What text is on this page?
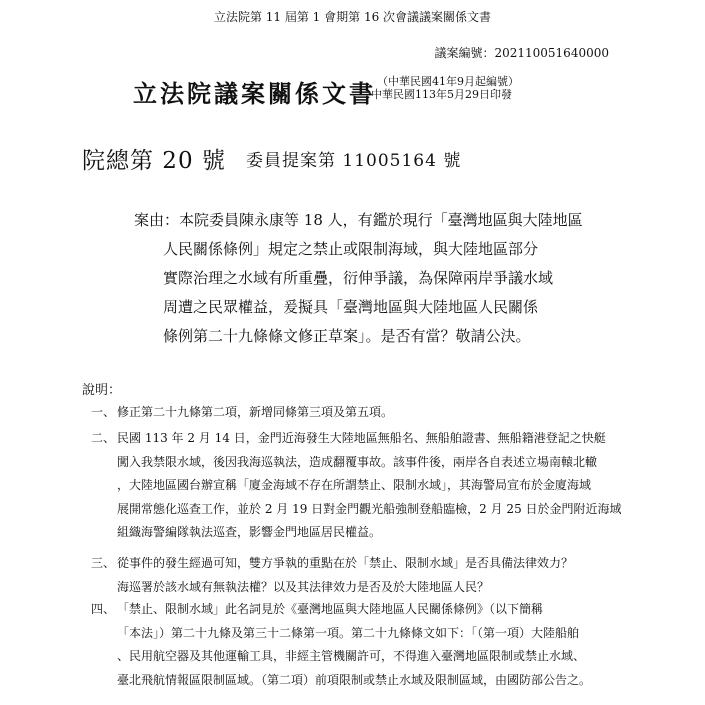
立法院第 11 屆第 1 會期第 16 次會議議案關係文書
議案編號：202110051640000
立法院議案關係文書 （中華民國41年9月起編號）
中華民國113年5月29日印發
院總第 20 號 委員提案第 11005164 號
案由：本院委員陳永康等 18 人，有鑑於現行「臺灣地區與大陸地區
人民關係條例」規定之禁止或限制海域，與大陸地區部分
實際治理之水域有所重疊，衍伸爭議，為保障兩岸爭議水域
周遭之民眾權益，爰擬具「臺灣地區與大陸地區人民關係
條例第二十九條條文修正草案」。是否有當？敬請公決。
說明：
一、 修正第二十九條第二項，新增同條第三項及第五項。
二、 民國 113 年 2 月 14 日，金門近海發生大陸地區無船名、無船舶證書、無船籍港登記之快艇
闖入我禁限水域，後因我海巡執法，造成翻覆事故。該事件後，兩岸各自表述立場南轅北轍
，大陸地區國台辦宣稱「廈金海域不存在所謂禁止、限制水域」，其海警局宣布於金廈海域
展開常態化巡查工作，並於 2 月 19 日對金門觀光船強制登船臨檢，2 月 25 日於金門附近海域
組織海警編隊執法巡查，影響金門地區居民權益。
三、 從事件的發生經過可知，雙方爭執的重點在於「禁止、限制水域」是否具備法律效力？
海巡署於該水域有無執法權？以及其法律效力是否及於大陸地區人民？
四、 「禁止、限制水域」此名詞見於《臺灣地區與大陸地區人民關係條例》（以下簡稱
「本法」）第二十九條及第三十二條第一項。第二十九條條文如下：「（第一項）大陸船舶
、民用航空器及其他運輸工具，非經主管機關許可，不得進入臺灣地區限制或禁止水域、
臺北飛航情報區限制區域。（第二項）前項限制或禁止水域及限制區域，由國防部公告之。
